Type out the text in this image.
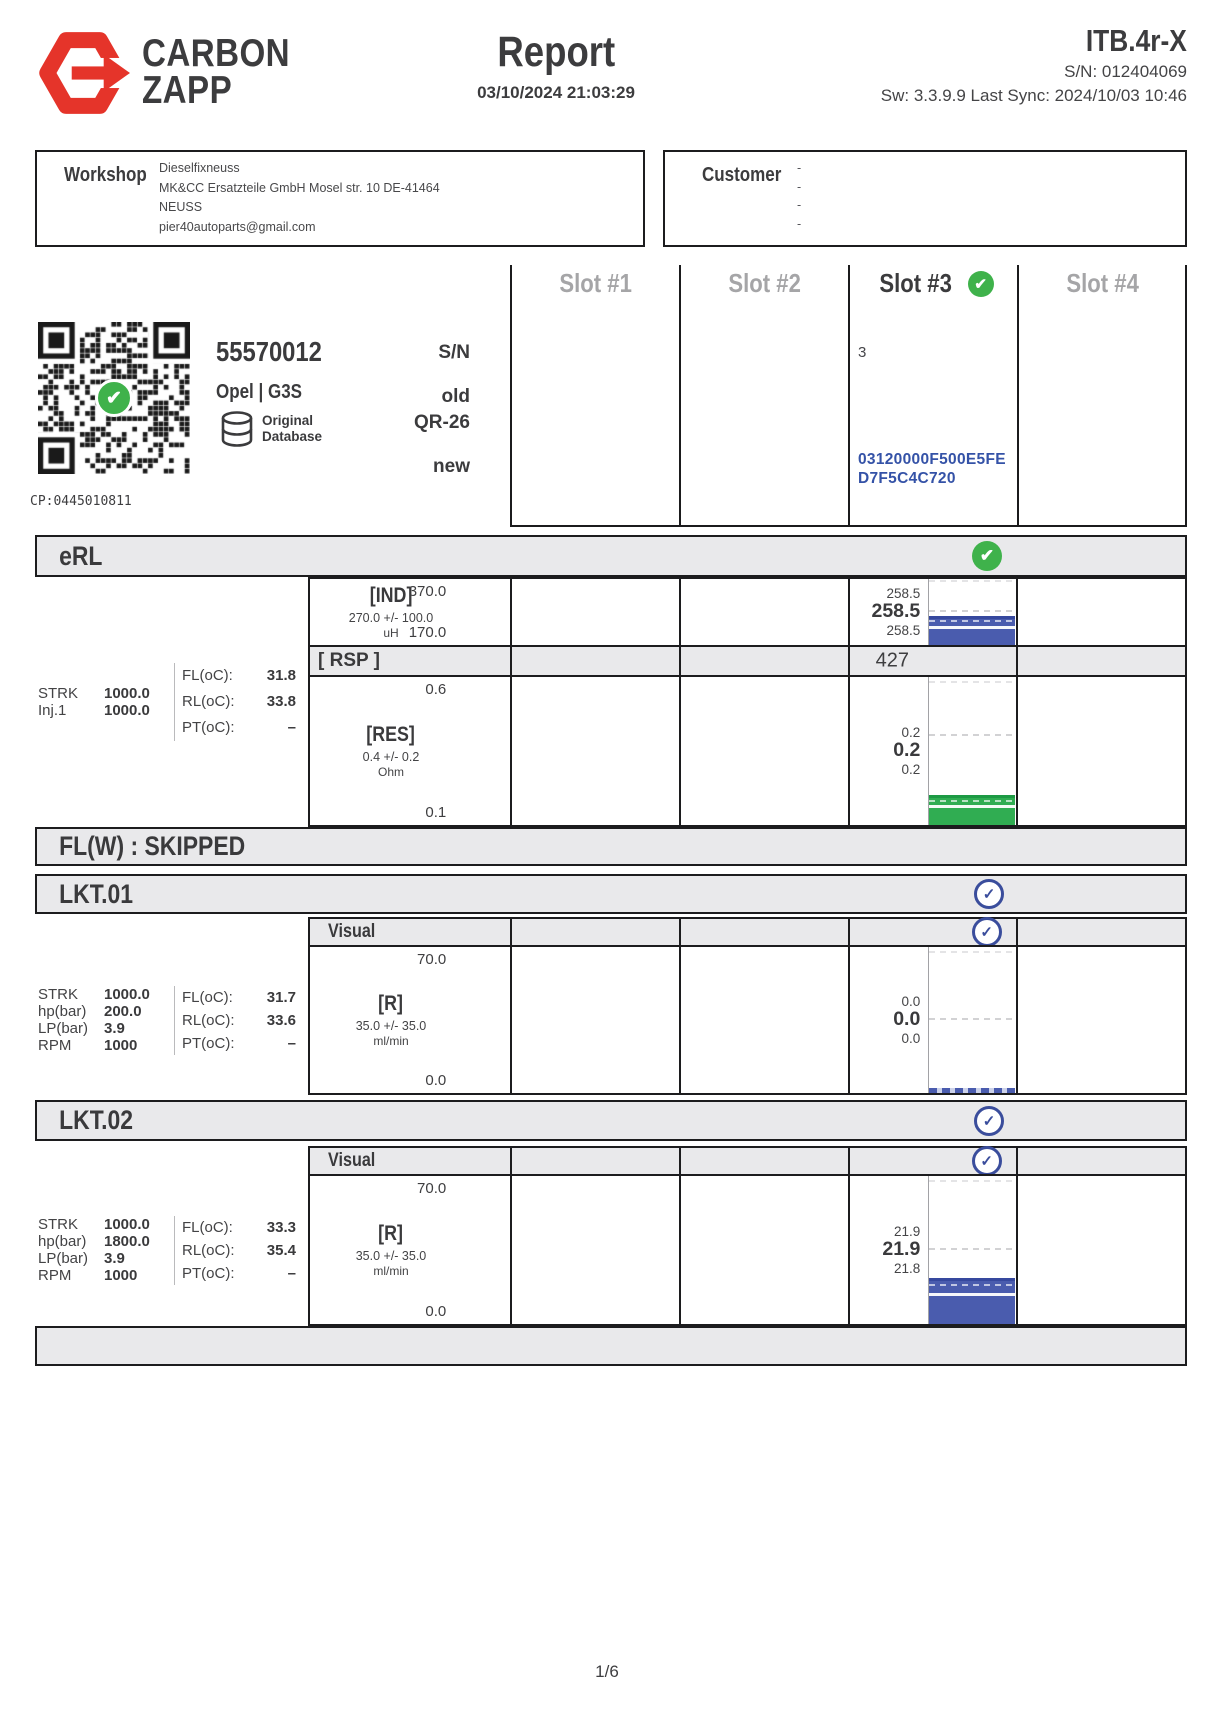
CARBON
ZAPP
Report
03/10/2024 21:03:29
ITB.4r-X
S/N: 012404069
Sw: 3.3.9.9 Last Sync: 2024/10/03 10:46
Workshop Dieselfixneuss
MK&CC Ersatzteile GmbH Mosel str. 10 DE-41464
NEUSS
pier40autoparts@gmail.com
Customer	-
-
-
-
Slot #1	Slot #2	Slot #3	✔	Slot #4
✔
55570012
Opel | G3S
Original
Database
S/N
old
QR-26
new
CP:0445010811
3
03120000F500E5FE
D7F5C4C720
eRL	✔
STRK	1000.0
Inj.1	1000.0
FL(oC): 31.8
RL(oC): 33.8
PT(oC):	–
[IND]
270.0 +/- 100.0
uH
370.0
170.0
258.5
258.5
258.5
[ RSP ]	427
[RES]
0.4 +/- 0.2
Ohm
0.6
0.1
0.2
0.2
0.2
FL(W) : SKIPPED
LKT.01	✓
Visual	✓
STRK	1000.0
hp(bar)	200.0
LP(bar)	3.9
RPM	1000
FL(oC): 31.7
RL(oC): 33.6
PT(oC):	–
[R]
35.0 +/- 35.0
ml/min
70.0
0.0
0.0
0.0
0.0
LKT.02	✓
Visual	✓
STRK	1000.0
hp(bar)	1800.0
LP(bar)	3.9
RPM	1000
FL(oC): 33.3
RL(oC): 35.4
PT(oC):	–
[R]
35.0 +/- 35.0
ml/min
70.0
0.0
21.9
21.9
21.8
1/6
